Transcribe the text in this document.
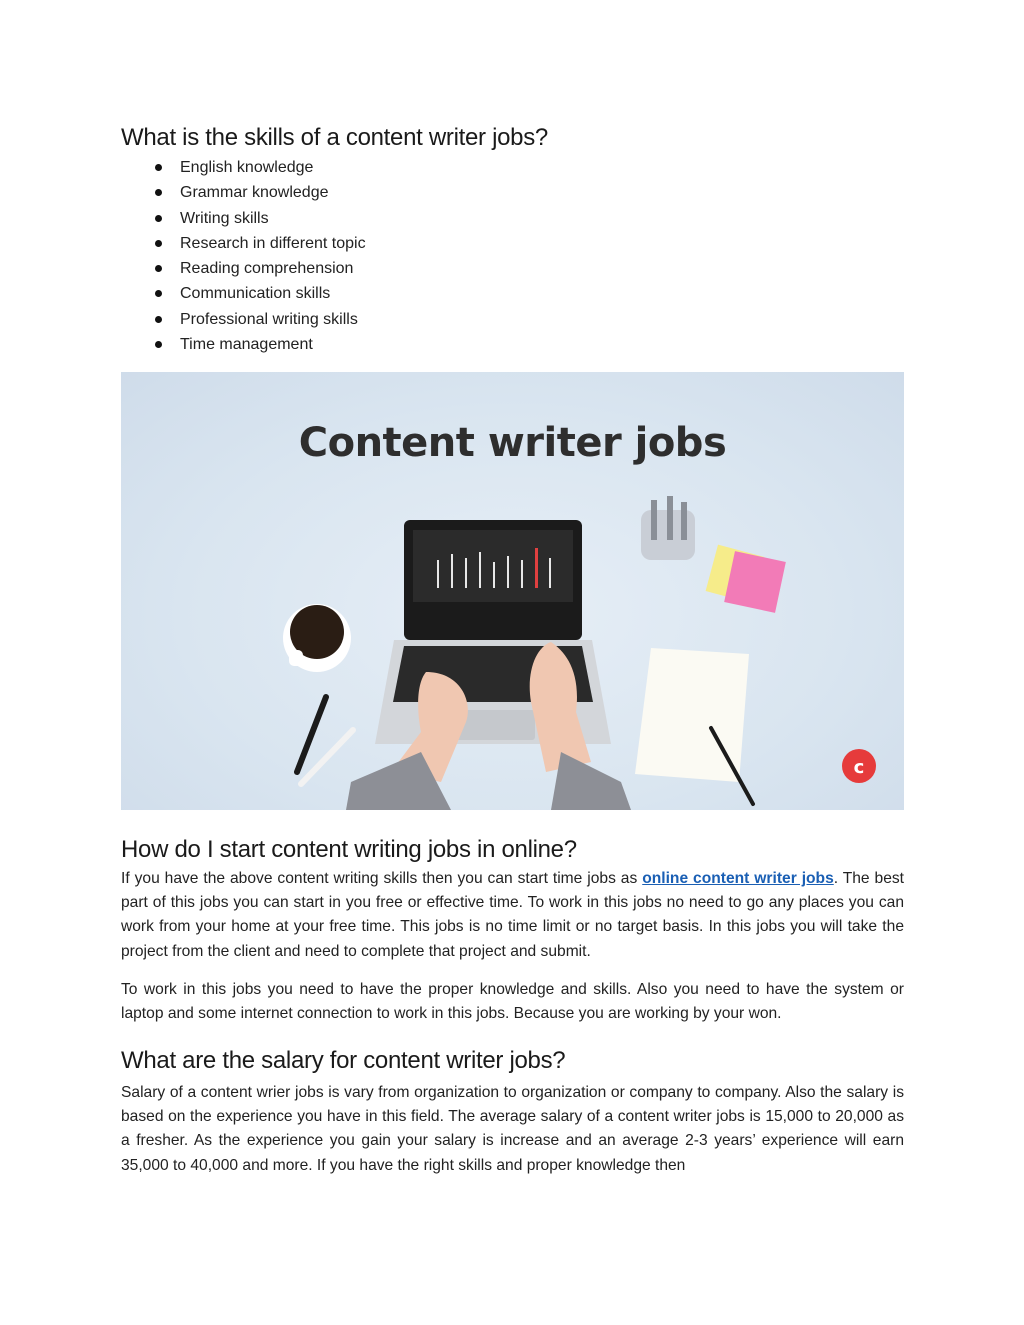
What is the skills of a content writer jobs?
English knowledge
Grammar knowledge
Writing skills
Research in different topic
Reading comprehension
Communication skills
Professional writing skills
Time management
Content writer jobs
c
How do I start content writing jobs in online?

If you have the above content writing skills then you can start time jobs as online content writer jobs. The best part of this jobs you can start in you free or effective time. To work in this jobs no need to go any places you can work from your home at your free time. This jobs is no time limit or no target basis. In this jobs you will take the project from the client and need to complete that project and submit.

To work in this jobs you need to have the proper knowledge and skills. Also you need to have the system or laptop and some internet connection to work in this jobs. Because you are working by your won.

What are the salary for content writer jobs?

Salary of a content wrier jobs is vary from organization to organization or company to company. Also the salary is based on the experience you have in this field. The average salary of a content writer jobs is 15,000 to 20,000 as a fresher. As the experience you gain your salary is increase and an average 2-3 years’ experience will earn 35,000 to 40,000 and more. If you have the right skills and proper knowledge then
